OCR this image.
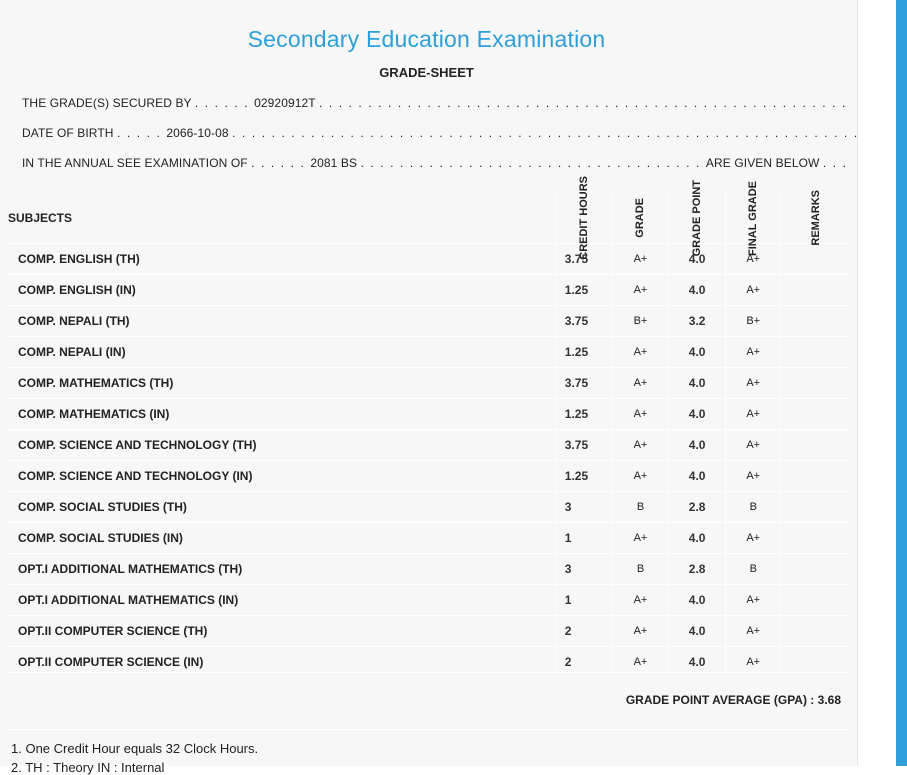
Secondary Education Examination
GRADE-SHEET
THE GRADE(S) SECURED BY . . . . . . 02920912T . . . . . . . . . . . . . . . . . . . . . . . . . . . . . . . . . . . . . . . . . . . . . . . . . . . . . .
DATE OF BIRTH . . . . . 2066-10-08 . . . . . . . . . . . . . . . . . . . . . . . . . . . . . . . . . . . . . . . . . . . . . . . . . . . . . . . . . . . . . . . .
IN THE ANNUAL SEE EXAMINATION OF . . . . . . 2081 BS . . . . . . . . . . . . . . . . . . . . . . . . . . . . . . . . . . . ARE GIVEN BELOW . . .
SUBJECTS	CREDIT HOURS	GRADE	GRADE POINT	FINAL GRADE	REMARKS

COMP. ENGLISH (TH)	3.75	A+	4.0	A+	
COMP. ENGLISH (IN)	1.25	A+	4.0	A+	
COMP. NEPALI (TH)	3.75	B+	3.2	B+	
COMP. NEPALI (IN)	1.25	A+	4.0	A+	
COMP. MATHEMATICS (TH)	3.75	A+	4.0	A+	
COMP. MATHEMATICS (IN)	1.25	A+	4.0	A+	
COMP. SCIENCE AND TECHNOLOGY (TH)	3.75	A+	4.0	A+	
COMP. SCIENCE AND TECHNOLOGY (IN)	1.25	A+	4.0	A+	
COMP. SOCIAL STUDIES (TH)	3	B	2.8	B	
COMP. SOCIAL STUDIES (IN)	1	A+	4.0	A+	
OPT.I ADDITIONAL MATHEMATICS (TH)	3	B	2.8	B	
OPT.I ADDITIONAL MATHEMATICS (IN)	1	A+	4.0	A+	
OPT.II COMPUTER SCIENCE (TH)	2	A+	4.0	A+	
OPT.II COMPUTER SCIENCE (IN)	2	A+	4.0	A+	
GRADE POINT AVERAGE (GPA) : 3.68
1. One Credit Hour equals 32 Clock Hours.
2. TH : Theory IN : Internal
